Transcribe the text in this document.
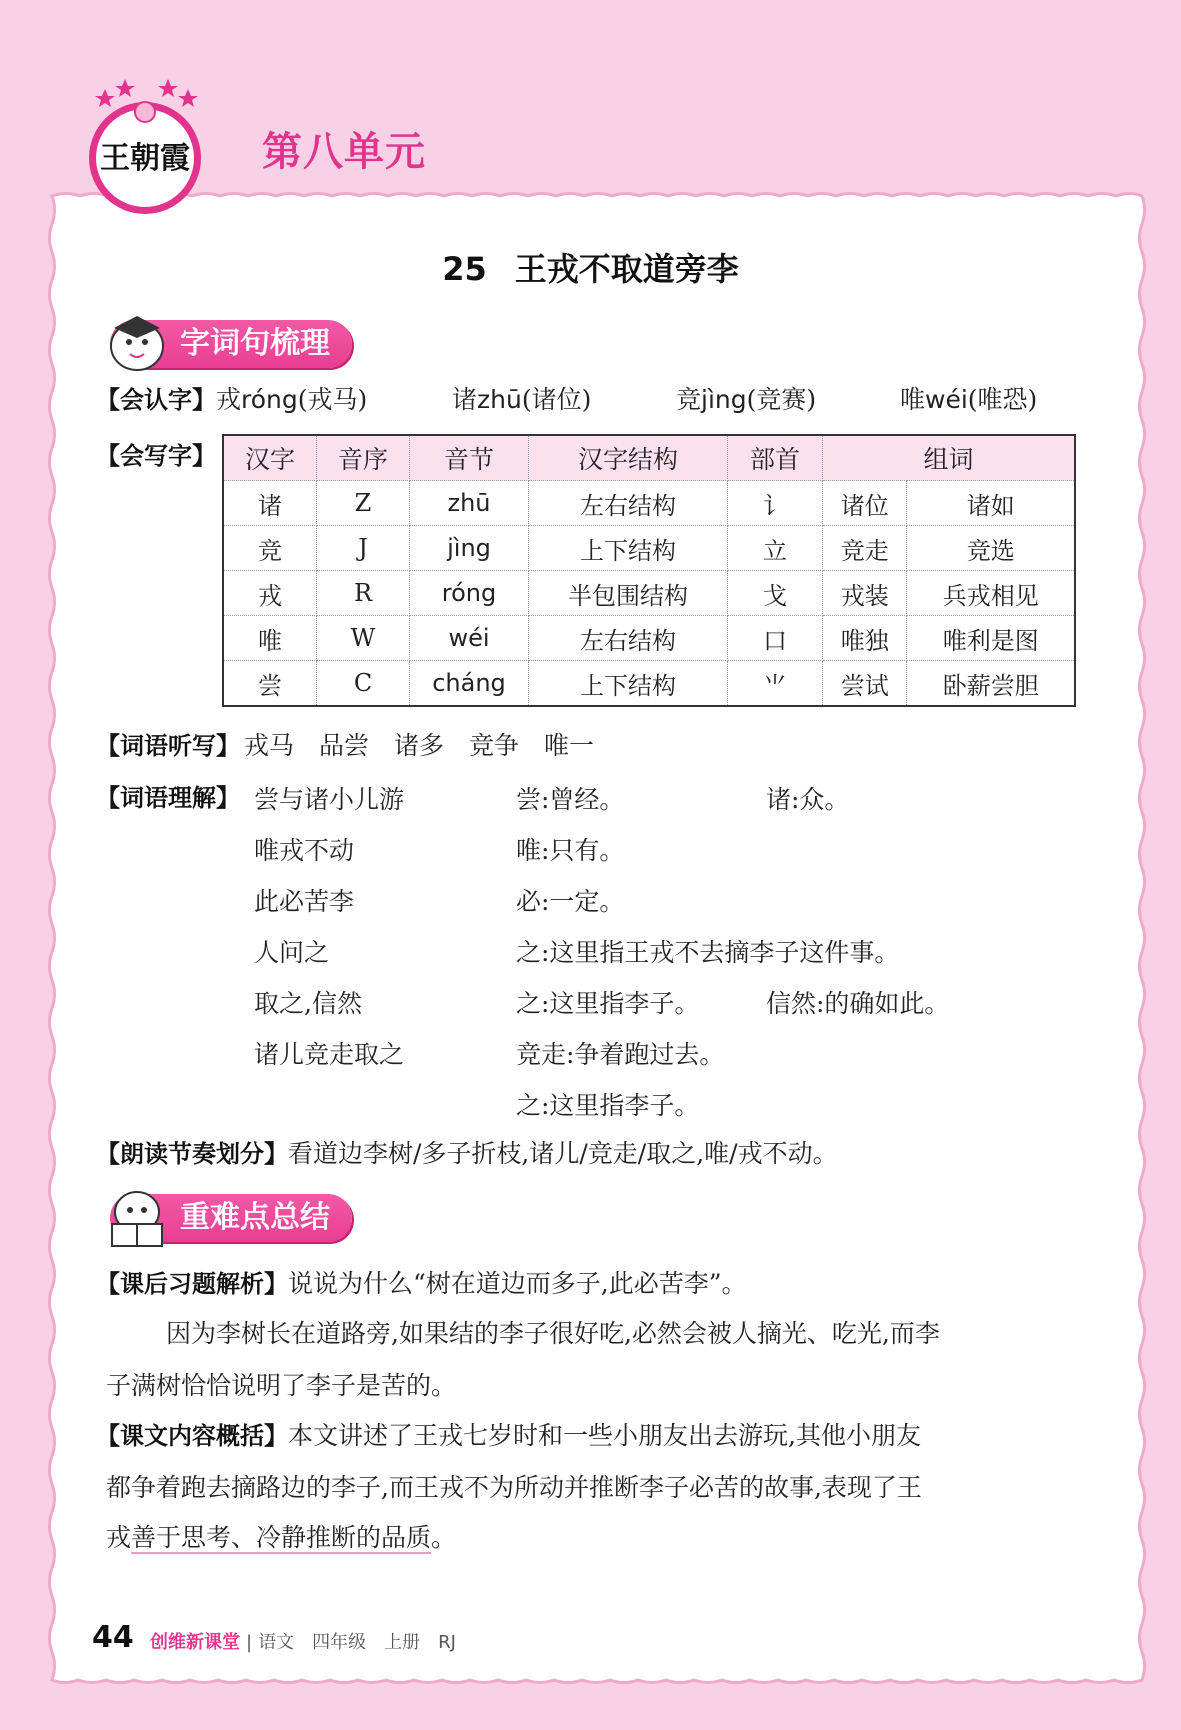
王朝霞 第八单元
25 王戎不取道旁李
字词句梳理
【会认字】 戎róng(戎马)	诸zhū(诸位)	竞jìng(竞赛)	唯wéi(唯恐)
【会写字】 汉字	音序	音节	汉字结构	部首	组词	
诸	Z	zhū	左右结构	讠	诸位	诸如
竞	J	jìng	上下结构	立	竞走	竞选
戎	R	róng	半包围结构	戈	戎装	兵戎相见
唯	W	wéi	左右结构	口	唯独	唯利是图
尝	C	cháng	上下结构	⺌	尝试	卧薪尝胆
【词语听写】 戎马　品尝　诸多　竞争　唯一
【词语理解】 尝与诸小儿游	尝:曾经。	诸:众。
唯戎不动	唯:只有。
此必苦李	必:一定。
人问之	之:这里指王戎不去摘李子这件事。
取之,信然	之:这里指李子。	信然:的确如此。
诸儿竞走取之	竞走:争着跑过去。
之:这里指李子。
【朗读节奏划分】看道边李树/多子折枝,诸儿/竞走/取之,唯/戎不动。
重难点总结
【课后习题解析】说说为什么“树在道边而多子,此必苦李”。
因为李树长在道路旁,如果结的李子很好吃,必然会被人摘光、吃光,而李
子满树恰恰说明了李子是苦的。
【课文内容概括】本文讲述了王戎七岁时和一些小朋友出去游玩,其他小朋友
都争着跑去摘路边的李子,而王戎不为所动并推断李子必苦的故事,表现了王
戎善于思考、冷静推断的品质。
44 创维新课堂 | 语文　四年级　上册　RJ
